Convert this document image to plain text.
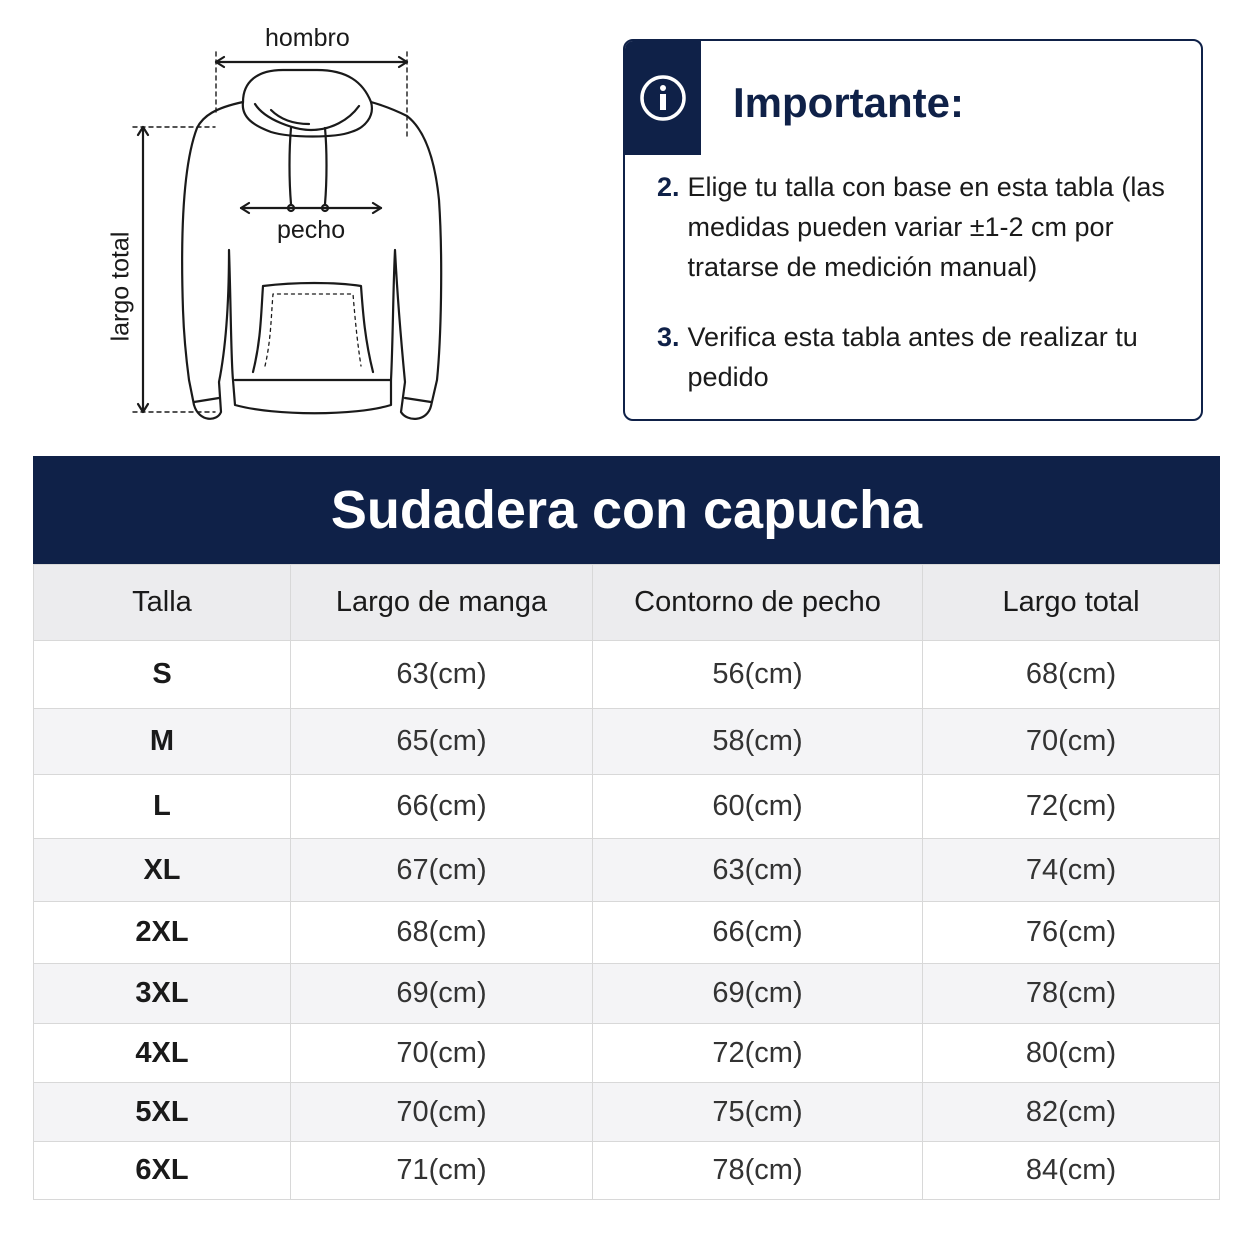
hombro
pecho
largo total
Importante:
2. Elige tu talla con base en esta tabla (las medidas pueden variar ±1-2 cm por tratarse de medición manual)
3. Verifica esta tabla antes de realizar tu pedido
Sudadera con capucha
Talla	Largo de manga	Contorno de pecho	Largo total
S	63(cm)	56(cm)	68(cm)
M	65(cm)	58(cm)	70(cm)
L	66(cm)	60(cm)	72(cm)
XL	67(cm)	63(cm)	74(cm)
2XL	68(cm)	66(cm)	76(cm)
3XL	69(cm)	69(cm)	78(cm)
4XL	70(cm)	72(cm)	80(cm)
5XL	70(cm)	75(cm)	82(cm)
6XL	71(cm)	78(cm)	84(cm)
